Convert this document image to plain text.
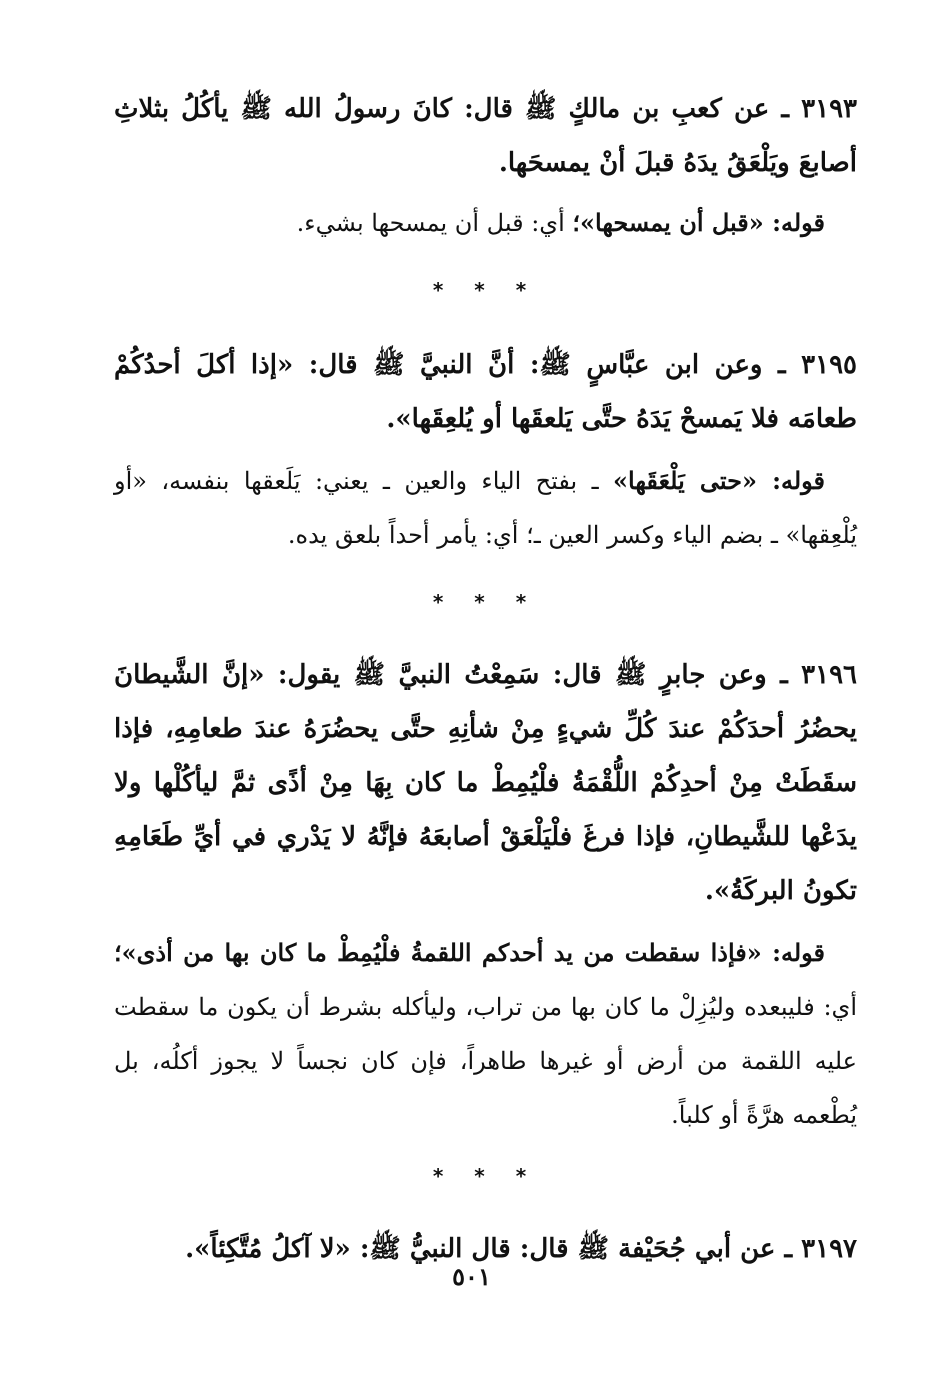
٣١٩٣ ـ عن كعبِ بن مالكٍ ﷺ قال: كانَ رسولُ الله ﷺ يأكُلُ بثلاثِ أصابعَ ويَلْعَقُ يدَهُ قبلَ أنْ يمسحَها.

قوله: «قبل أن يمسحها»؛ أي: قبل أن يمسحها بشيء.

* * *

٣١٩٥ ـ وعن ابن عبَّاسٍ ﷺ: أنَّ النبيَّ ﷺ قال: «إذا أكلَ أحدُكُمْ طعامَه فلا يَمسحْ يَدَهُ حتَّى يَلعقَها أو يُلعِقَها».

قوله: «حتى يَلْعَقَها» ـ بفتح الياء والعين ـ يعني: يَلَعقها بنفسه، «أو يُلْعِقها» ـ بضم الياء وكسر العين ـ؛ أي: يأمر أحداً بلعق يده.

* * *

٣١٩٦ ـ وعن جابرٍ ﷺ قال: سَمِعْتُ النبيَّ ﷺ يقول: «إنَّ الشَّيطانَ يحضُرُ أحدَكُمْ عندَ كُلِّ شيءٍ مِنْ شأنِهِ حتَّى يحضُرَهُ عندَ طعامِهِ، فإذا سقَطَتْ مِنْ أحدِكُمْ اللُّقْمَةُ فلْيُمِطْ ما كان بِهَا مِنْ أذًى ثمَّ ليأكُلْها ولا يدَعْها للشَّيطانِ، فإذا فرغَ فلْيَلْعَقْ أصابعَهُ فإنَّهُ لا يَدْري في أيِّ طَعَامِهِ تكونُ البركَةُ».

قوله: «فإذا سقطت من يد أحدكم اللقمةُ فلْيُمِطْ ما كان بها من أذى»؛ أي: فليبعده وليُزِلْ ما كان بها من تراب، وليأكله بشرط أن يكون ما سقطت عليه اللقمة من أرض أو غيرها طاهراً، فإن كان نجساً لا يجوز أكلُه، بل يُطْعمه هرَّةً أو كلباً.

* * *

٣١٩٧ ـ عن أبي جُحَيْفة ﷺ قال: قال النبيُّ ﷺ: «لا آكلُ مُتَّكِئاً».

٥٠١
